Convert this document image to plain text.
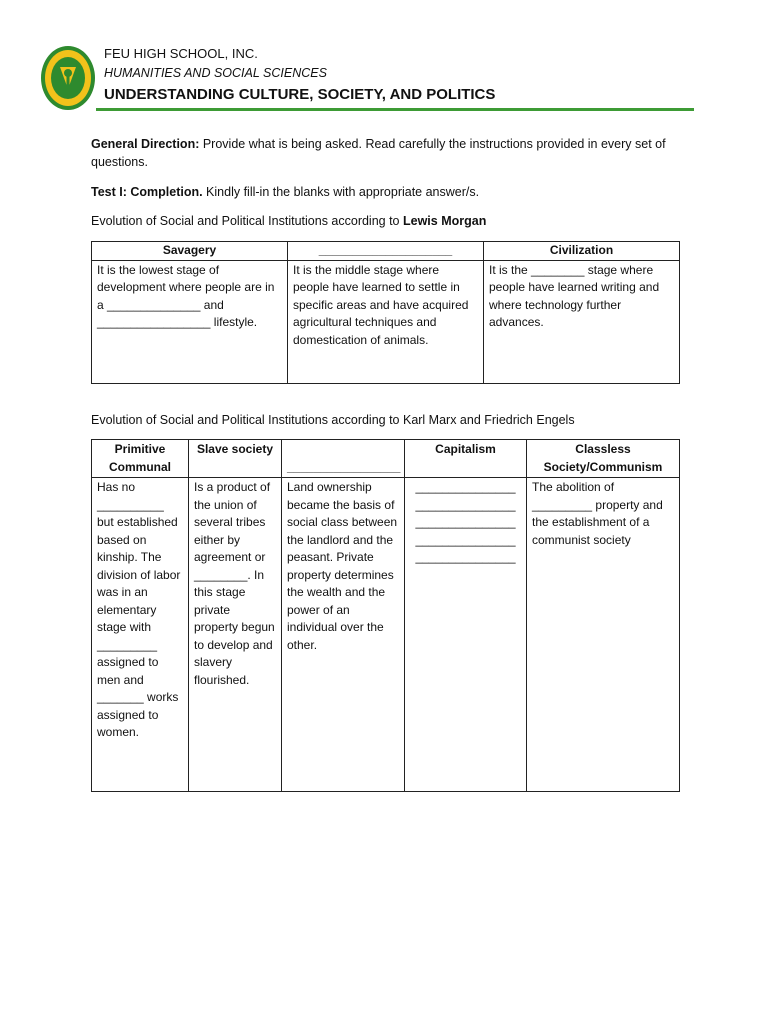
FEU HIGH SCHOOL, INC.
HUMANITIES AND SOCIAL SCIENCES
UNDERSTANDING CULTURE, SOCIETY, AND POLITICS
General Direction: Provide what is being asked. Read carefully the instructions provided in every set of questions.
Test I: Completion. Kindly fill-in the blanks with appropriate answer/s.
Evolution of Social and Political Institutions according to Lewis Morgan
Savagery	____________________	Civilization
It is the lowest stage of development where people are in a ______________ and _________________ lifestyle.	It is the middle stage where people have learned to settle in specific areas and have acquired agricultural techniques and domestication of animals.	It is the ________ stage where people have learned writing and where technology further advances.
Evolution of Social and Political Institutions according to Karl Marx and Friedrich Engels
Primitive Communal	Slave society	_________________	Capitalism	Classless Society/Communism
Has no __________ but established based on kinship. The division of labor was in an elementary stage with _________ assigned to men and _______ works assigned to women.	Is a product of the union of several tribes either by agreement or ________. In this stage private property begun to develop and slavery flourished.	Land ownership became the basis of social class between the landlord and the peasant. Private property determines the wealth and the power of an individual over the other.	_______________
_______________
_______________
_______________
_______________	The abolition of _________ property and the establishment of a communist society
